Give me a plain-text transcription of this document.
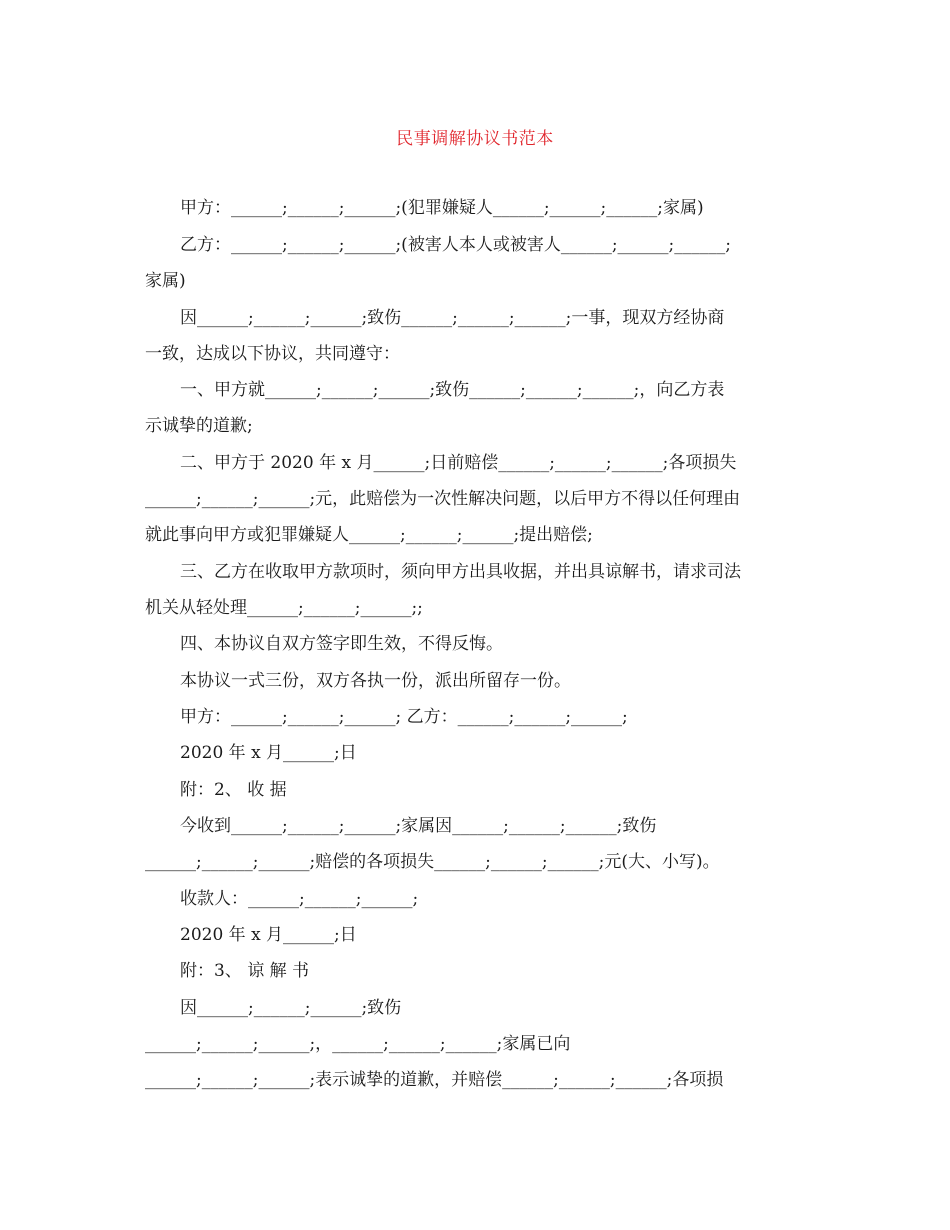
民事调解协议书范本
甲方：______;______;______;(犯罪嫌疑人______;______;______;家属)
乙方：______;______;______;(被害人本人或被害人______;______;______;
家属)
因______;______;______;致伤______;______;______;一事，现双方经协商
一致，达成以下协议，共同遵守：
一、甲方就______;______;______;致伤______;______;______;，向乙方表
示诚挚的道歉;
二、甲方于 2020 年 x 月______;日前赔偿______;______;______;各项损失
______;______;______;元，此赔偿为一次性解决问题，以后甲方不得以任何理由
就此事向甲方或犯罪嫌疑人______;______;______;提出赔偿;
三、乙方在收取甲方款项时，须向甲方出具收据，并出具谅解书，请求司法
机关从轻处理______;______;______;;
四、本协议自双方签字即生效，不得反悔。
本协议一式三份，双方各执一份，派出所留存一份。
甲方：______;______;______; 乙方：______;______;______;
2020 年 x 月______;日
附：2、 收 据
今收到______;______;______;家属因______;______;______;致伤
______;______;______;赔偿的各项损失______;______;______;元(大、小写)。
收款人：______;______;______;
2020 年 x 月______;日
附：3、 谅 解 书
因______;______;______;致伤
______;______;______;，______;______;______;家属已向
______;______;______;表示诚挚的道歉，并赔偿______;______;______;各项损
